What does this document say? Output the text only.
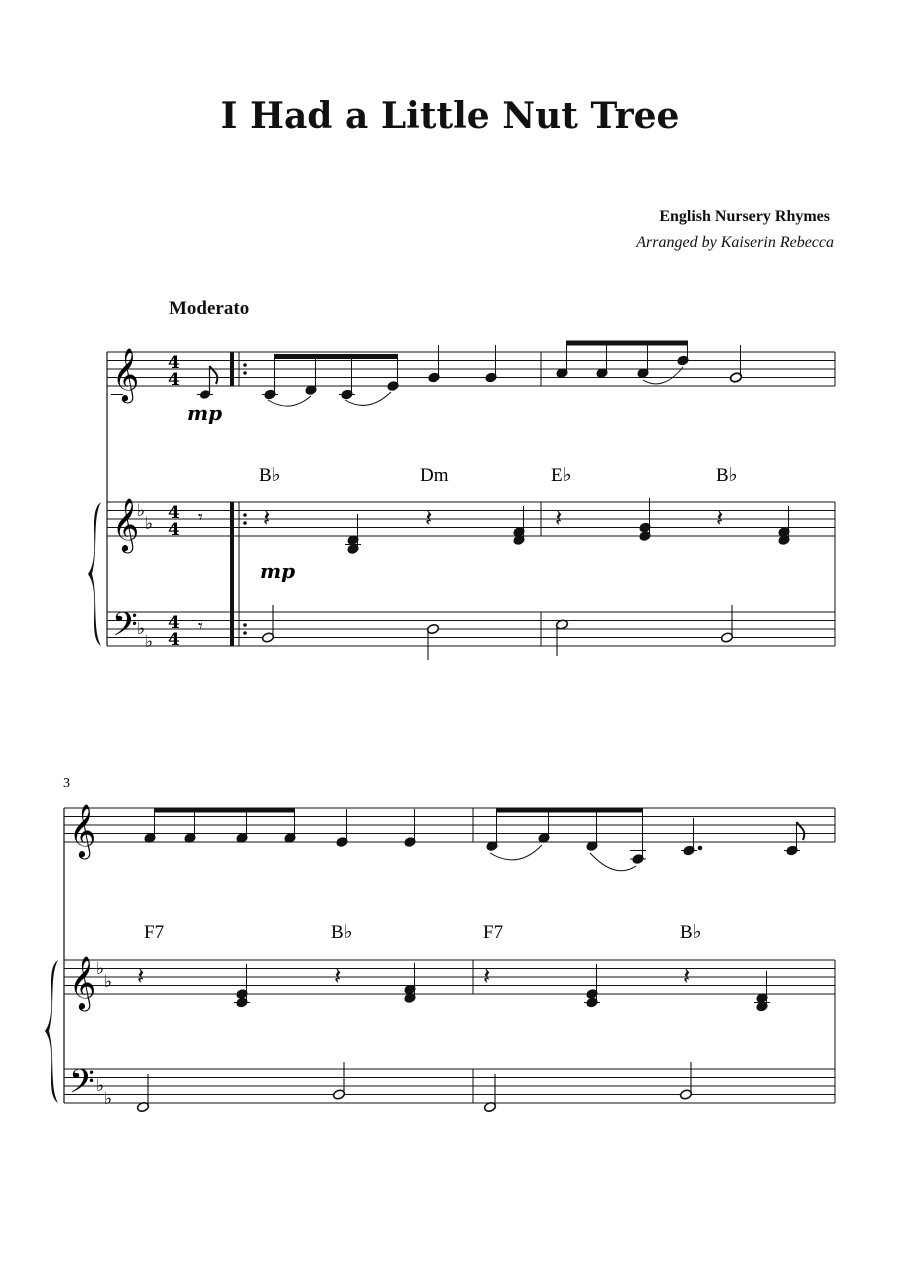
I Had a Little Nut Tree
English Nursery Rhymes
Arranged by Kaiserin Rebecca
Moderato
𝄞
𝄞
𝄢
♭
♭
♭
♭
4
4
4
4
4
4
mp
𝄾
𝄾
B♭	Dm	E♭	B♭
𝄽	𝄽
mp
𝄽	𝄽
3
𝄞
𝄞
𝄢
♭
♭
♭
♭
F7	B♭	F7	B♭
𝄽	𝄽	𝄽	𝄽
